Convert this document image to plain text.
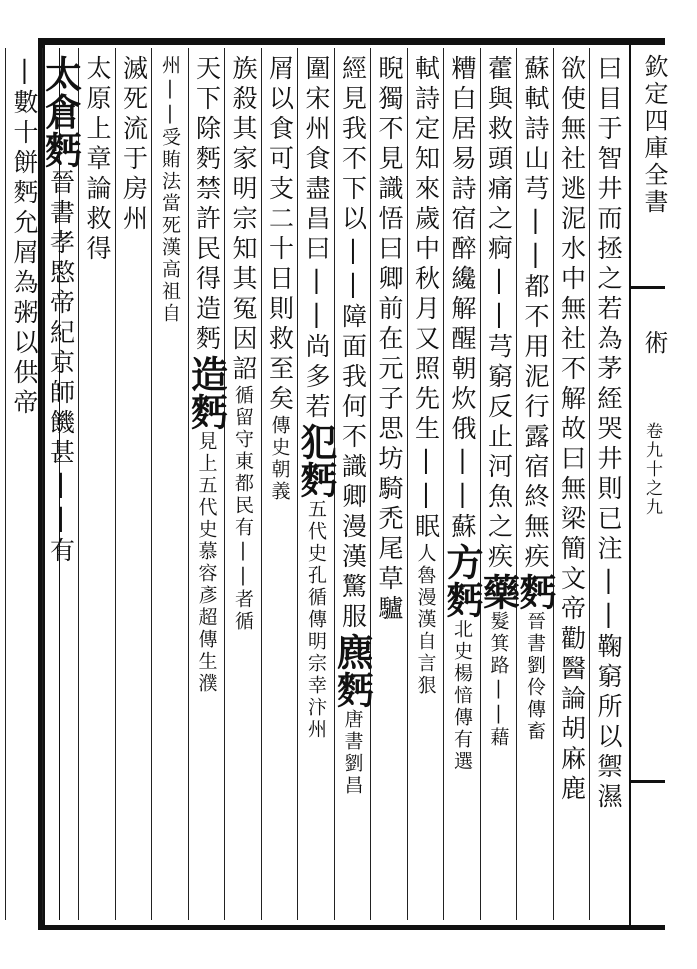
曰目于智井而拯之若為茅絰哭井則已注||鞠窮所以禦濕
欲使無社逃泥水中無社不解故曰無梁簡文帝勸醫論胡麻鹿
蘇軾詩山芎||都不用泥行露宿終無疾麫晉書劉伶傳畜
藿與救頭痛之痾||芎窮反止河魚之疾藥髮箕路||藉
糟白居易詩宿醉纔解醒朝炊俄||蘇方麫北史楊愔傳有選
軾詩定知來歲中秋月又照先生||眠人魯漫漢自言狠
睨獨不見識悟曰卿前在元子思坊騎禿尾草驢
經見我不下以||障面我何不識卿漫漢驚服麃麫唐書劉昌
圍宋州食盡昌曰||尚多若犯麫五代史孔循傳明宗幸汴州
屑以食可支二十日則救至矣傳史朝義
族殺其家明宗知其冤因詔循留守東都民有||者循
天下除麫禁許民得造麫造麫見上五代史慕容彥超傳生濮
州||受賄法當死漢高祖自
滅死流于房州
太原上章論救得
太倉麫晉書孝愍帝紀京師饑甚||有
|數十餅麫允屑為粥以供帝	欽定四庫全書
術
卷九十之九
